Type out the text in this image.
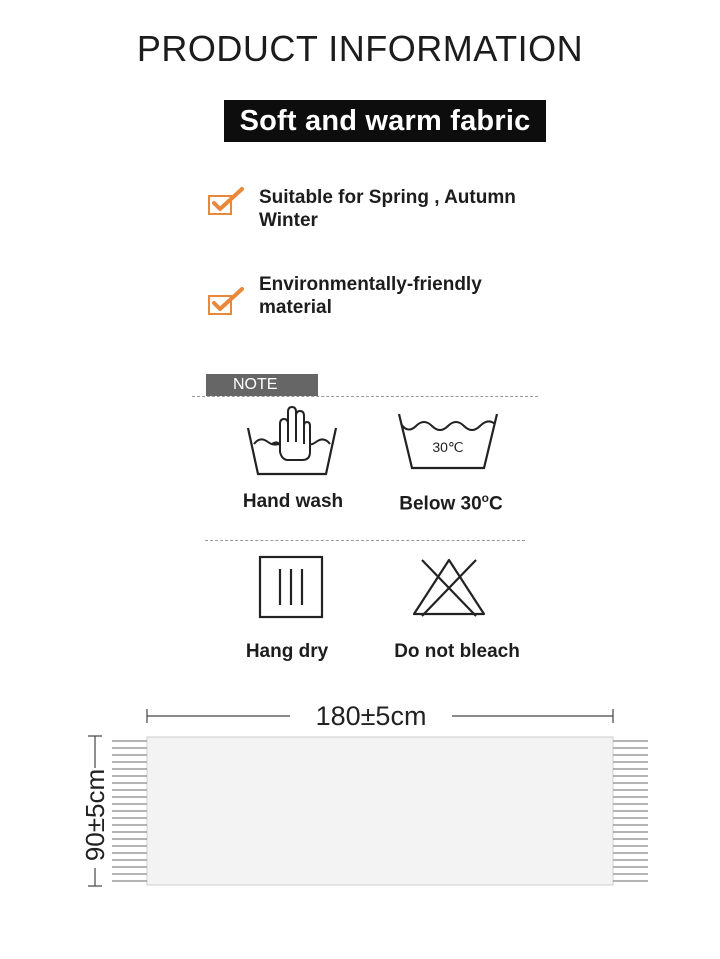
PRODUCT INFORMATION
Soft and warm fabric
Suitable for Spring , Autumn
Winter
Environmentally-friendly
material
NOTE
Hand wash
30℃
Below 30$^o$C
Hang dry	Do not bleach
180±5cm
90±5cm
